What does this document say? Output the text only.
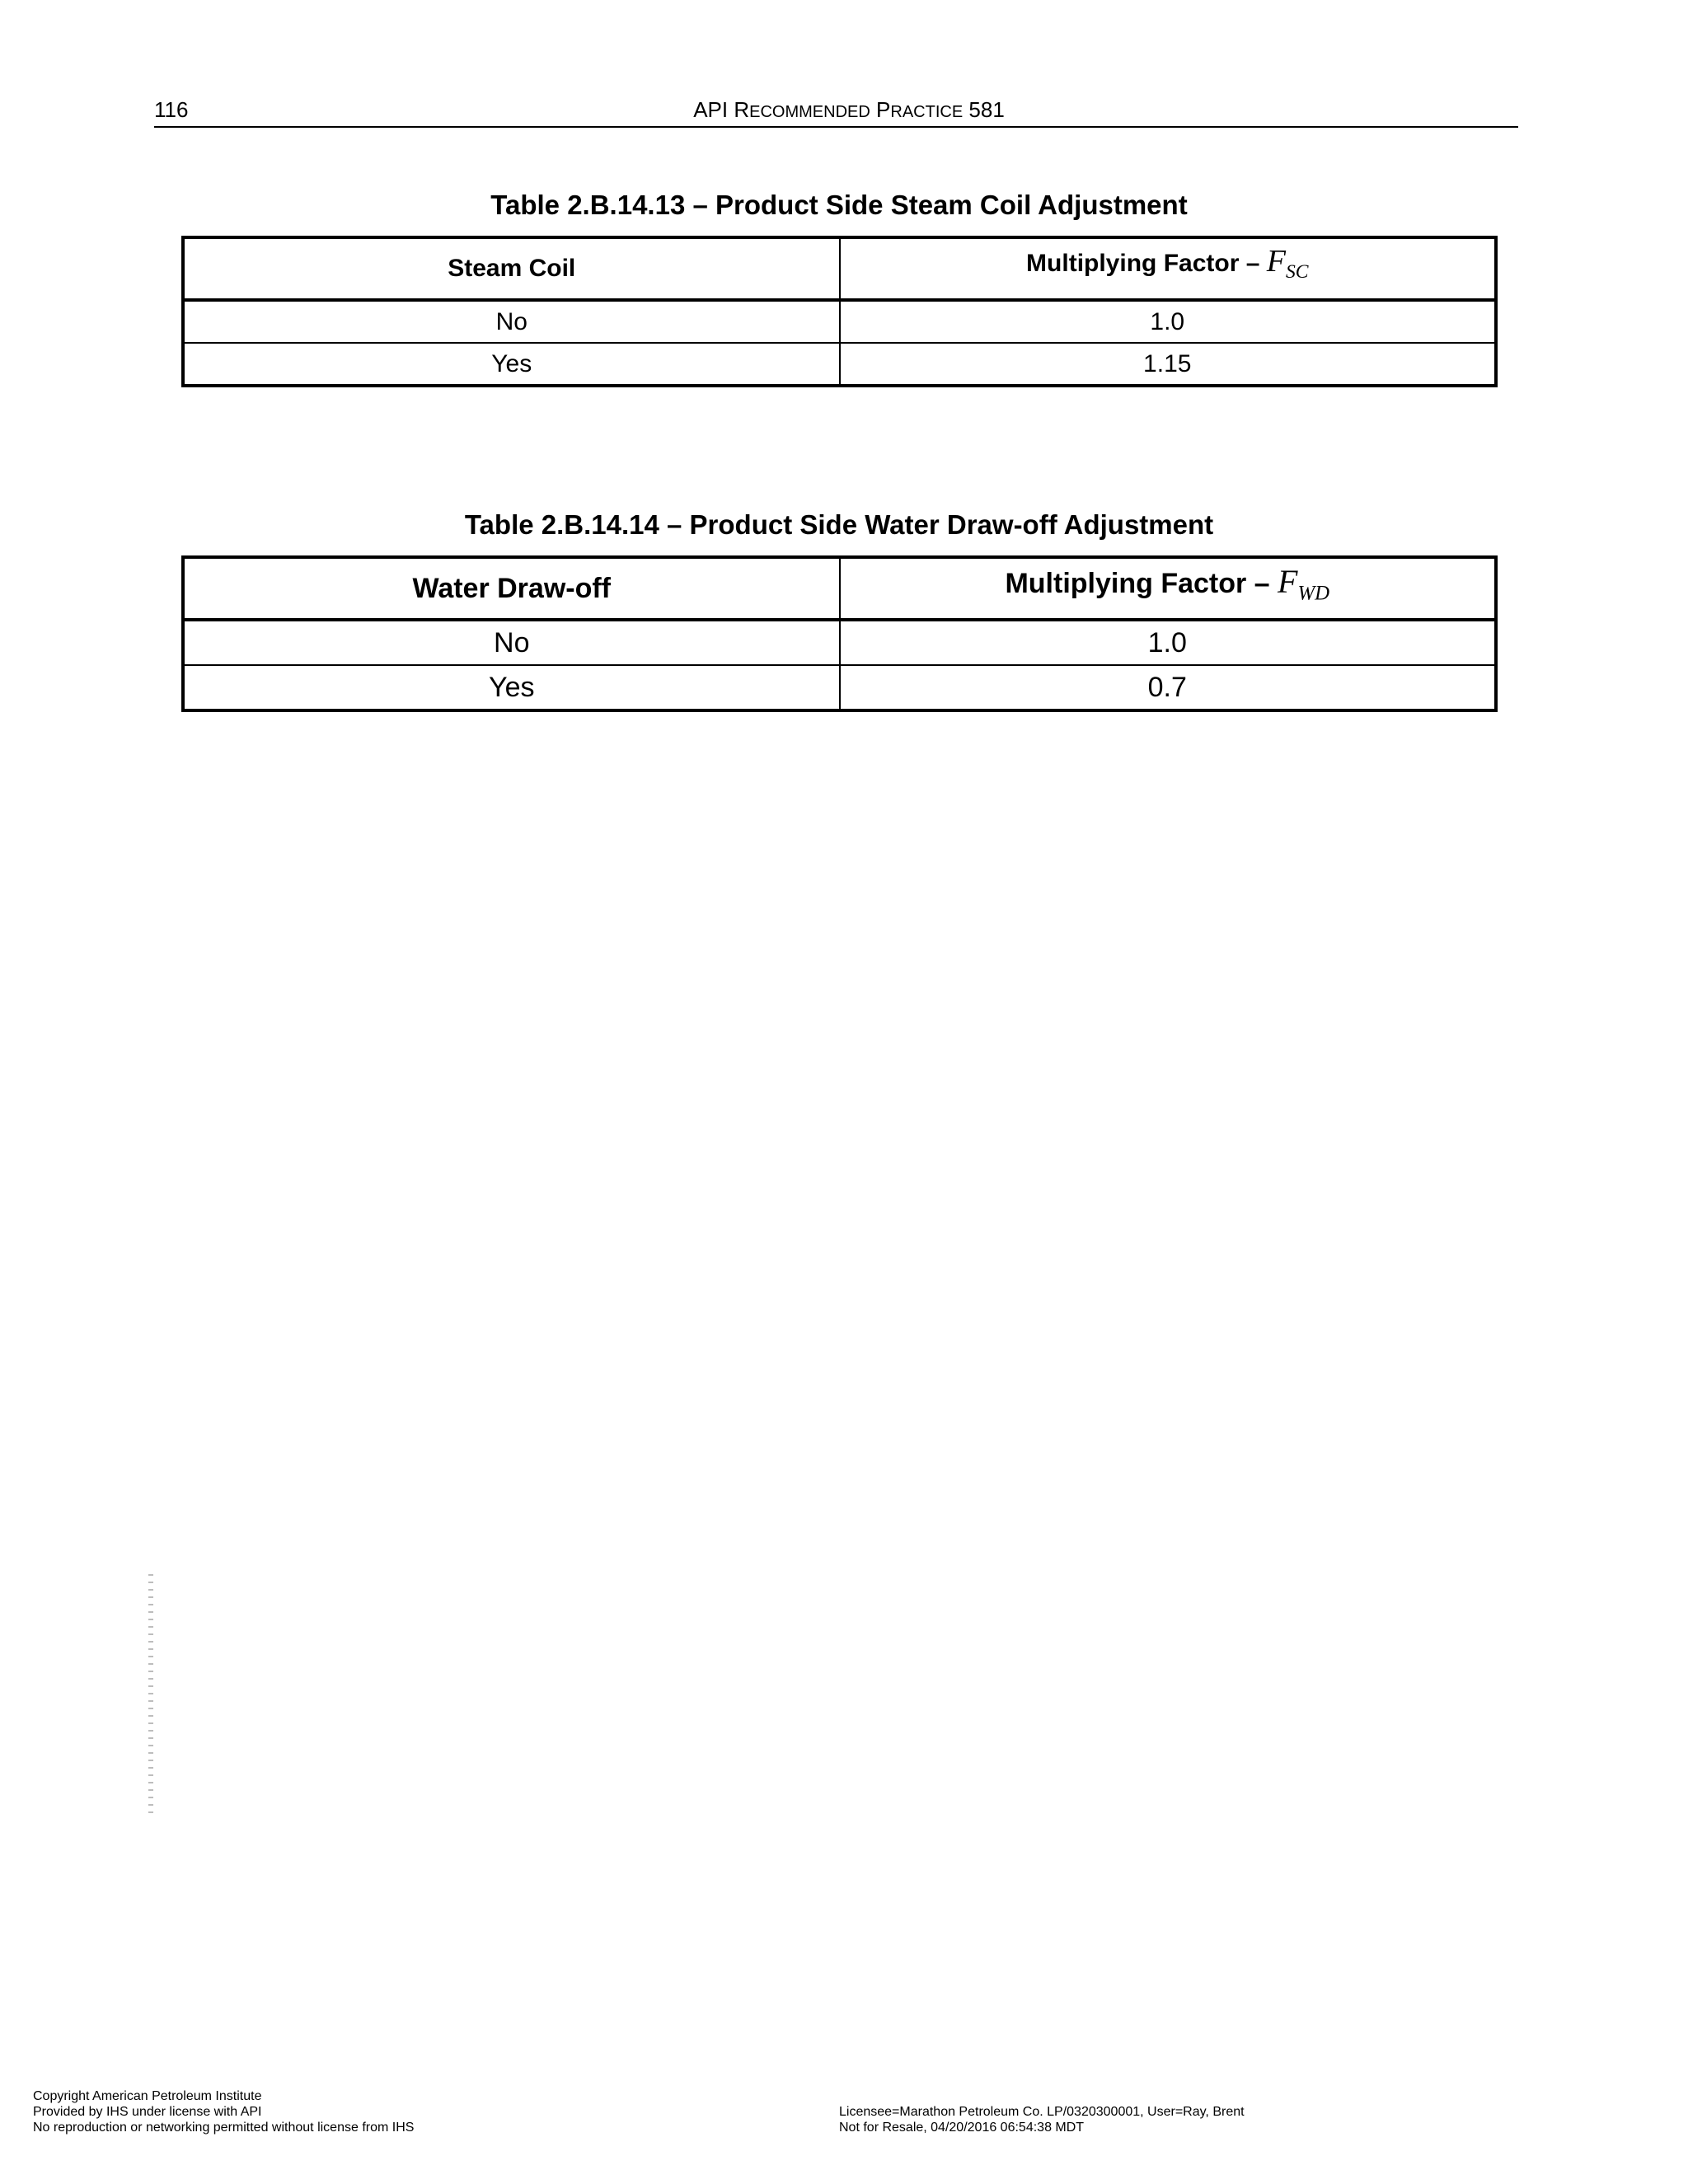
116	API RECOMMENDED PRACTICE 581
Table 2.B.14.13 – Product Side Steam Coil Adjustment
Steam Coil	Multiplying Factor – $F_{SC}$
No	1.0
Yes	1.15
Table 2.B.14.14 – Product Side Water Draw-off Adjustment
Water Draw-off	Multiplying Factor – $F_{WD}$
No	1.0
Yes	0.7
Copyright American Petroleum Institute
Provided by IHS under license with API
No reproduction or networking permitted without license from IHS
Licensee=Marathon Petroleum Co. LP/0320300001, User=Ray, Brent
Not for Resale, 04/20/2016 06:54:38 MDT
